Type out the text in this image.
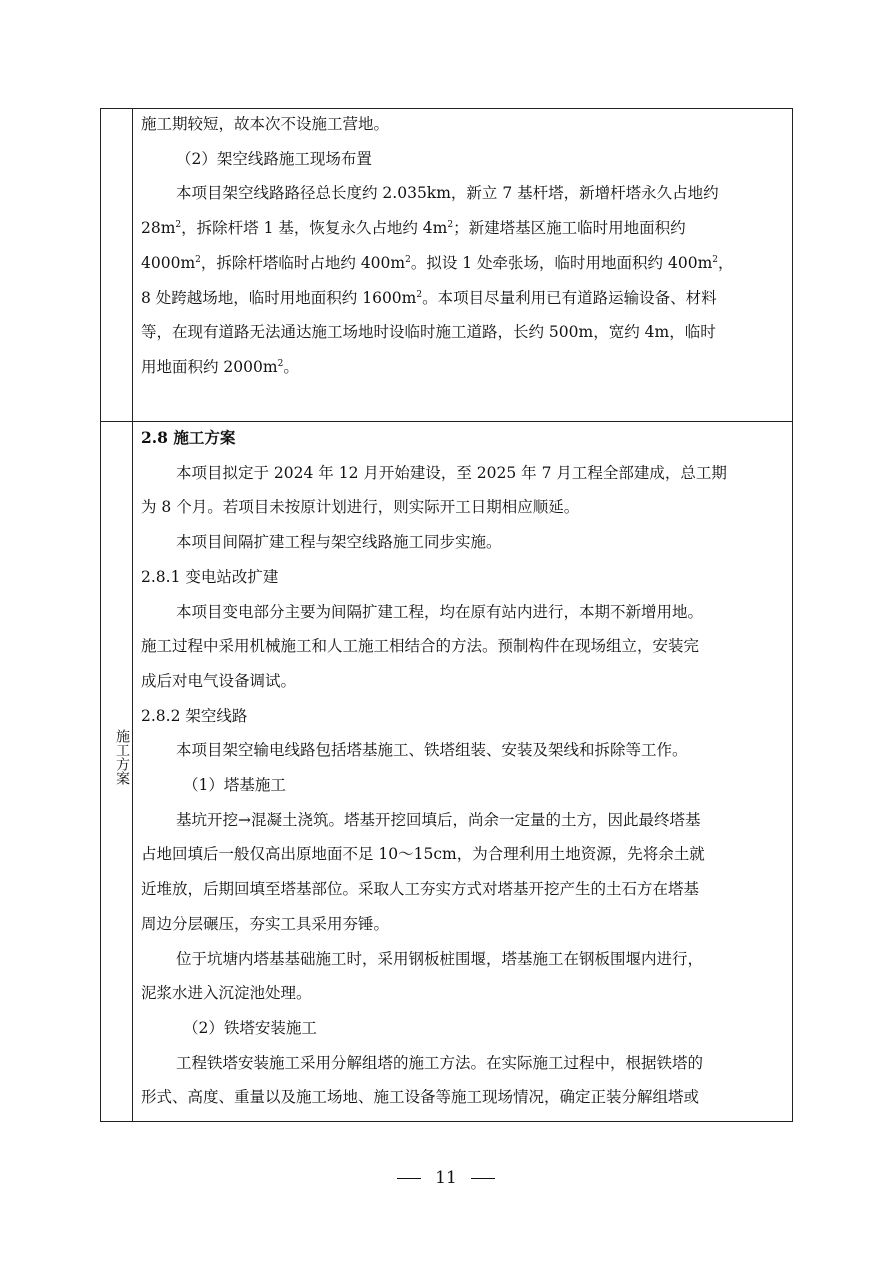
施工方案

施工期较短，故本次不设施工营地。

（2）架空线路施工现场布置

本项目架空线路路径总长度约 2.035km，新立 7 基杆塔，新增杆塔永久占地约

$28m^2$，拆除杆塔 1 基，恢复永久占地约 $4m^2$；新建塔基区施工临时用地面积约

$4000m^2$，拆除杆塔临时占地约 $400m^2$。拟设 1 处牵张场，临时用地面积约 $400m^2$，

8 处跨越场地，临时用地面积约 $1600m^2$。本项目尽量利用已有道路运输设备、材料

等，在现有道路无法通达施工场地时设临时施工道路，长约 500m，宽约 4m，临时

用地面积约 $2000m^2$。

2.8 施工方案

本项目拟定于 2024 年 12 月开始建设，至 2025 年 7 月工程全部建成，总工期

为 8 个月。若项目未按原计划进行，则实际开工日期相应顺延。

本项目间隔扩建工程与架空线路施工同步实施。

2.8.1 变电站改扩建

本项目变电部分主要为间隔扩建工程，均在原有站内进行，本期不新增用地。

施工过程中采用机械施工和人工施工相结合的方法。预制构件在现场组立，安装完

成后对电气设备调试。

2.8.2 架空线路

本项目架空输电线路包括塔基施工、铁塔组装、安装及架线和拆除等工作。

（1）塔基施工

基坑开挖→混凝土浇筑。塔基开挖回填后，尚余一定量的土方，因此最终塔基

占地回填后一般仅高出原地面不足 10～15cm，为合理利用土地资源，先将余土就

近堆放，后期回填至塔基部位。采取人工夯实方式对塔基开挖产生的土石方在塔基

周边分层碾压，夯实工具采用夯锤。

位于坑塘内塔基基础施工时，采用钢板桩围堰，塔基施工在钢板围堰内进行，

泥浆水进入沉淀池处理。

（2）铁塔安装施工

工程铁塔安装施工采用分解组塔的施工方法。在实际施工过程中，根据铁塔的

形式、高度、重量以及施工场地、施工设备等施工现场情况，确定正装分解组塔或

11
